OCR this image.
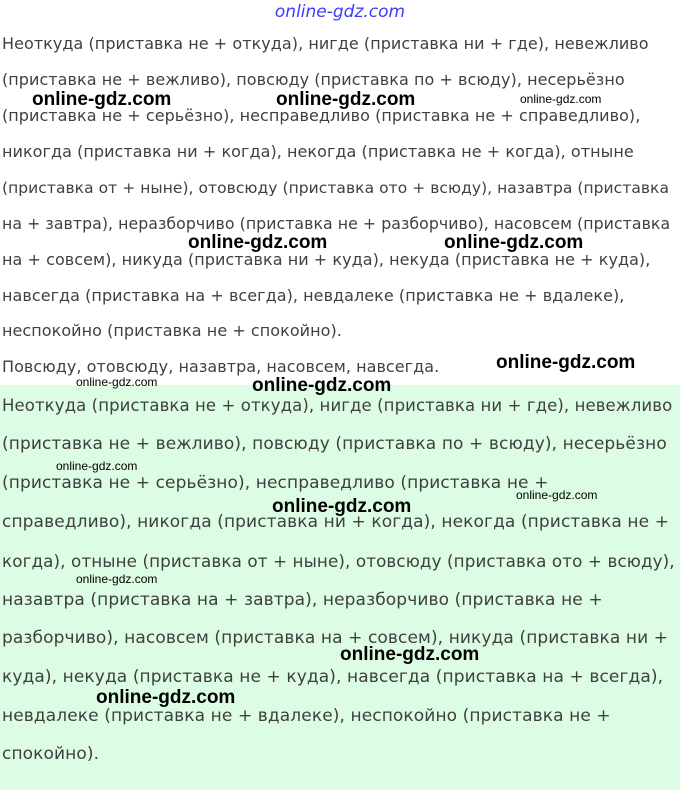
online-gdz.com
Неоткуда (приставка не + откуда), нигде (приставка ни + где), невежливо
(приставка не + вежливо), повсюду (приставка по + всюду), несерьёзно
(приставка не + серьёзно), несправедливо (приставка не + справедливо),
никогда (приставка ни + когда), некогда (приставка не + когда), отныне
(приставка от + ныне), отовсюду (приставка ото + всюду), назавтра (приставка
на + завтра), неразборчиво (приставка не + разборчиво), насовсем (приставка
на + совсем), никуда (приставка ни + куда), некуда (приставка не + куда),
навсегда (приставка на + всегда), невдалеке (приставка не + вдалеке),
неспокойно (приставка не + спокойно).
Повсюду, отовсюду, назавтра, насовсем, навсегда.
Неоткуда (приставка не + откуда), нигде (приставка ни + где), невежливо
(приставка не + вежливо), повсюду (приставка по + всюду), несерьёзно
(приставка не + серьёзно), несправедливо (приставка не +
справедливо), никогда (приставка ни + когда), некогда (приставка не +
когда), отныне (приставка от + ныне), отовсюду (приставка ото + всюду),
назавтра (приставка на + завтра), неразборчиво (приставка не +
разборчиво), насовсем (приставка на + совсем), никуда (приставка ни +
куда), некуда (приставка не + куда), навсегда (приставка на + всегда),
невдалеке (приставка не + вдалеке), неспокойно (приставка не +
спокойно).
online-gdz.com	online-gdz.com	online-gdz.com
online-gdz.com	online-gdz.com
online-gdz.com
online-gdz.com	online-gdz.com
online-gdz.com
online-gdz.com
online-gdz.com
online-gdz.com
online-gdz.com
online-gdz.com
